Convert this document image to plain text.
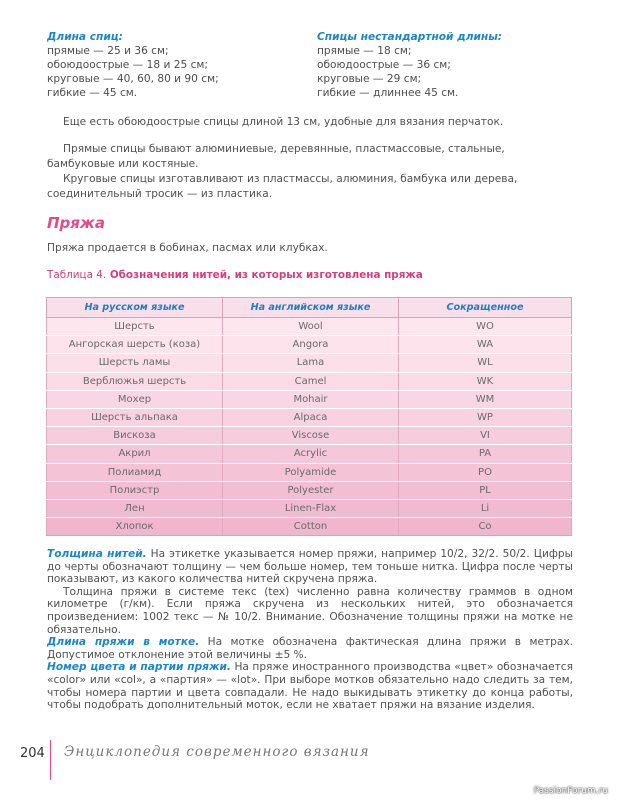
Длина спиц:
прямые — 25 и 36 см;
обоюдоострые — 18 и 25 см;
круговые — 40, 60, 80 и 90 см;
гибкие — 45 см.
Спицы нестандартной длины:
прямые — 18 см;
обоюдоострые — 36 см;
круговые — 29 см;
гибкие — длиннее 45 см.
Еще есть обоюдоострые спицы длиной 13 см, удобные для вязания перчаток.
Прямые спицы бывают алюминиевые, деревянные, пластмассовые, стальные, бамбуковые или костяные.
Круговые спицы изготавливают из пластмассы, алюминия, бамбука или дерева, соединительный тросик — из пластика.
Пряжа
Пряжа продается в бобинах, пасмах или клубках.
Таблица 4. Обозначения нитей, из которых изготовлена пряжа
На русском языке	На английском языке	Сокращенное
Шерсть	Wool	WO
Ангорская шерсть (коза)	Angora	WA
Шерсть ламы	Lama	WL
Верблюжья шерсть	Camel	WK
Мохер	Mohair	WM
Шерсть альпака	Alpaca	WP
Вискоза	Viscose	VI
Акрил	Acrylic	PA
Полиамид	Polyamide	PO
Полиэстр	Polyester	PL
Лен	Linen-Flax	Li
Хлопок	Cotton	Co

Толщина нитей. На этикетке указывается номер пряжи, например 10/2, 32/2. 50/2. Цифры до черты обозначают толщину — чем больше номер, тем тоньше нитка. Цифра после черты показывают, из какого количества нитей скручена пряжа.

Толщина пряжи в системе текс (tex) численно равна количеству граммов в одном километре (г/км). Если пряжа скручена из нескольких нитей, это обозначается произведением: 1002 текс — № 10/2. Внимание. Обозначение толщины пряжи на мотке не обязательно.

Длина пряжи в мотке. На мотке обозначена фактическая длина пряжи в метрах. Допустимое отклонение этой величины ±5 %.

Номер цвета и партии пряжи. На пряже иностранного производства «цвет» обозначается «color» или «col», а «партия» — «lot». При выборе мотков обязательно надо следить за тем, чтобы номера партии и цвета совпадали. Не надо выкидывать этикетку до конца работы, чтобы подобрать дополнительный моток, если не хватает пряжи на вязание изделия.

204 Энциклопедия современного вязания
PassionForum.ru
